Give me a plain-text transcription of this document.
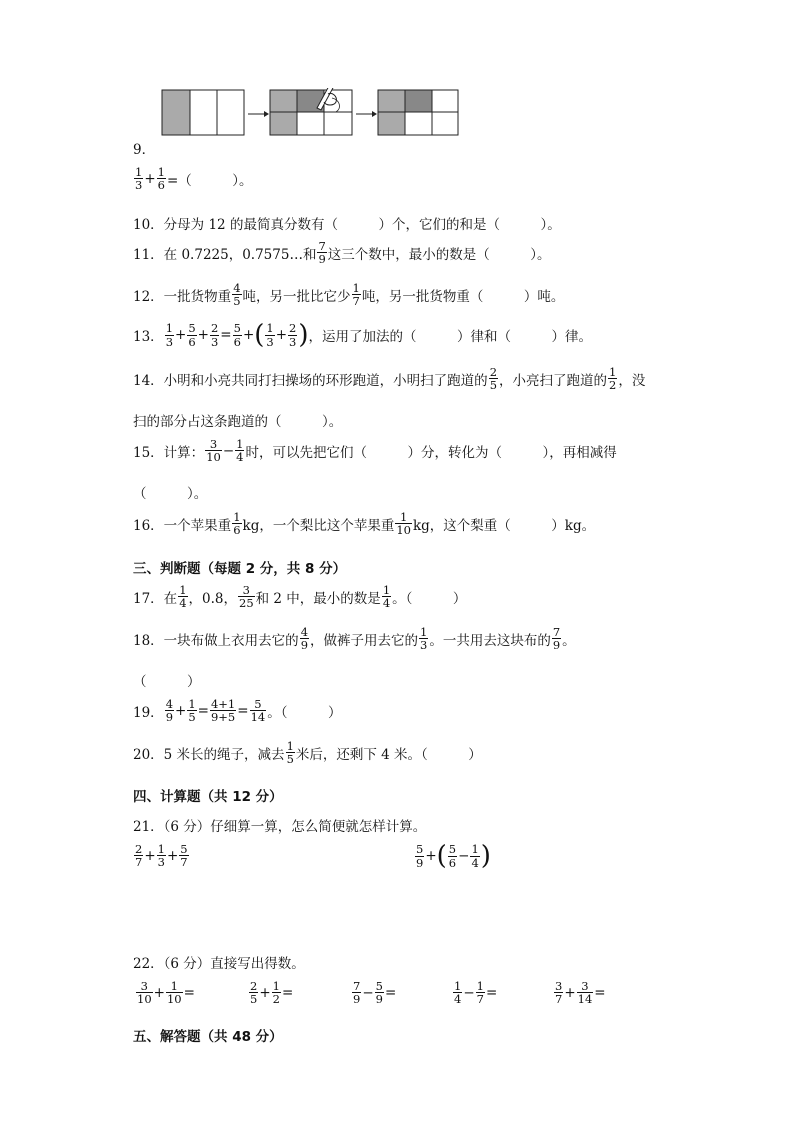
9．
$\frac{1}{3} + \frac{1}{6}$ =（　　　）。
10．分母为 12 的最简真分数有（　　　）个，它们的和是（　　　）。
11．在 0.7225，0.7575…和 $\frac{7}{9}$ 这三个数中，最小的数是（　　　）。
12．一批货物重 $\frac{4}{5}$ 吨，另一批比它少 $\frac{1}{7}$ 吨，另一批货物重（　　　）吨。
13． $\frac{1}{3} + \frac{5}{6} + \frac{2}{3} = \frac{5}{6}$ + ( $\frac{1}{3} + \frac{2}{3}$ ) ，运用了加法的（　　　）律和（　　　）律。
14．小明和小亮共同打扫操场的环形跑道，小明扫了跑道的 $\frac{2}{5}$ ，小亮扫了跑道的 $\frac{1}{2}$ ，没
扫的部分占这条跑道的（　　　）。
15．计算： $\frac{3}{10} - \frac{1}{4}$ 时，可以先把它们（　　　）分，转化为（　　　），再相减得
（　　　）。
16．一个苹果重 $\frac{1}{6}$ kg，一个梨比这个苹果重 $\frac{1}{10}$ kg，这个梨重（　　　）kg。
三、判断题（每题 2 分，共 8 分）
17．在 $\frac{1}{4}$ ，0.8， $\frac{3}{25}$ 和 2 中，最小的数是 $\frac{1}{4}$ 。（　　　）
18．一块布做上衣用去它的 $\frac{4}{9}$ ，做裤子用去它的 $\frac{1}{3}$ 。一共用去这块布的 $\frac{7}{9}$ 。
（　　　）
19． $\frac{4}{9} + \frac{1}{5} = \frac{4+1}{9+5} = \frac{5}{14}$ 。（　　　）
20．5 米长的绳子，减去 $\frac{1}{5}$ 米后，还剩下 4 米。（　　　）
四、计算题（共 12 分）
21．（6 分）仔细算一算，怎么简便就怎样计算。
$\frac{2}{7} + \frac{1}{3} + \frac{5}{7}$	$\frac{5}{9}$ + ( $\frac{5}{6} - \frac{1}{4}$ )
22．（6 分）直接写出得数。
$\frac{3}{10} + \frac{1}{10}$ =	$\frac{2}{5} + \frac{1}{2}$ =	$\frac{7}{9} - \frac{5}{9}$ =	$\frac{1}{4} - \frac{1}{7}$ =	$\frac{3}{7} + \frac{3}{14}$ =
五、解答题（共 48 分）
